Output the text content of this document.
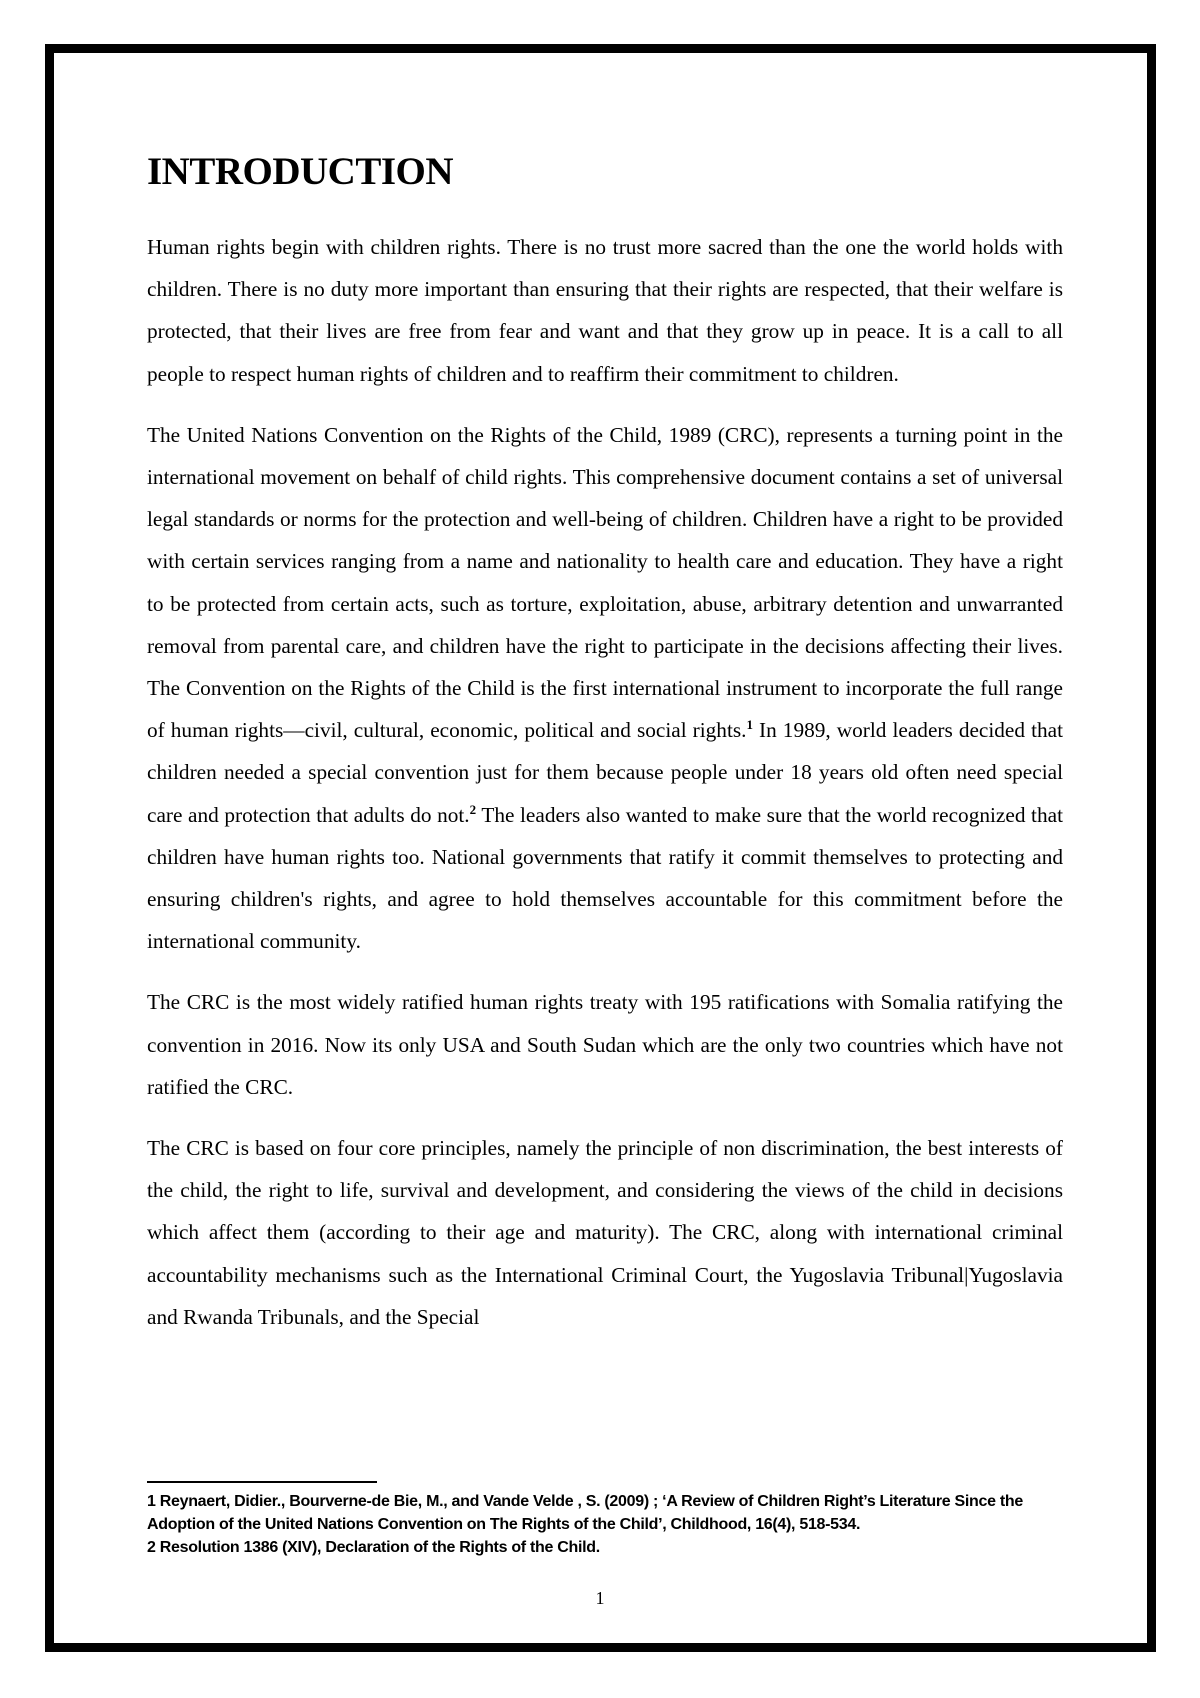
INTRODUCTION

Human rights begin with children rights. There is no trust more sacred than the one the world holds with children. There is no duty more important than ensuring that their rights are respected, that their welfare is protected, that their lives are free from fear and want and that they grow up in peace. It is a call to all people to respect human rights of children and to reaffirm their commitment to children.

The United Nations Convention on the Rights of the Child, 1989 (CRC), represents a turning point in the international movement on behalf of child rights. This comprehensive document contains a set of universal legal standards or norms for the protection and well-being of children. Children have a right to be provided with certain services ranging from a name and nationality to health care and education. They have a right to be protected from certain acts, such as torture, exploitation, abuse, arbitrary detention and unwarranted removal from parental care, and children have the right to participate in the decisions affecting their lives. The Convention on the Rights of the Child is the first international instrument to incorporate the full range of human rights—civil, cultural, economic, political and social rights.$^1$ In 1989, world leaders decided that children needed a special convention just for them because people under 18 years old often need special care and protection that adults do not.$^2$ The leaders also wanted to make sure that the world recognized that children have human rights too. National governments that ratify it commit themselves to protecting and ensuring children's rights, and agree to hold themselves accountable for this commitment before the international community.

The CRC is the most widely ratified human rights treaty with 195 ratifications with Somalia ratifying the convention in 2016. Now its only USA and South Sudan which are the only two countries which have not ratified the CRC.

The CRC is based on four core principles, namely the principle of non discrimination, the best interests of the child, the right to life, survival and development, and considering the views of the child in decisions which affect them (according to their age and maturity). The CRC, along with international criminal accountability mechanisms such as the International Criminal Court, the Yugoslavia Tribunal|Yugoslavia and Rwanda Tribunals, and the Special

1 Reynaert, Didier., Bourverne-de Bie, M., and Vande Velde , S. (2009) ; ‘A Review of Children Right’s Literature Since the Adoption of the United Nations Convention on The Rights of the Child’, Childhood, 16(4), 518-534.

2 Resolution 1386 (XIV), Declaration of the Rights of the Child.

1
